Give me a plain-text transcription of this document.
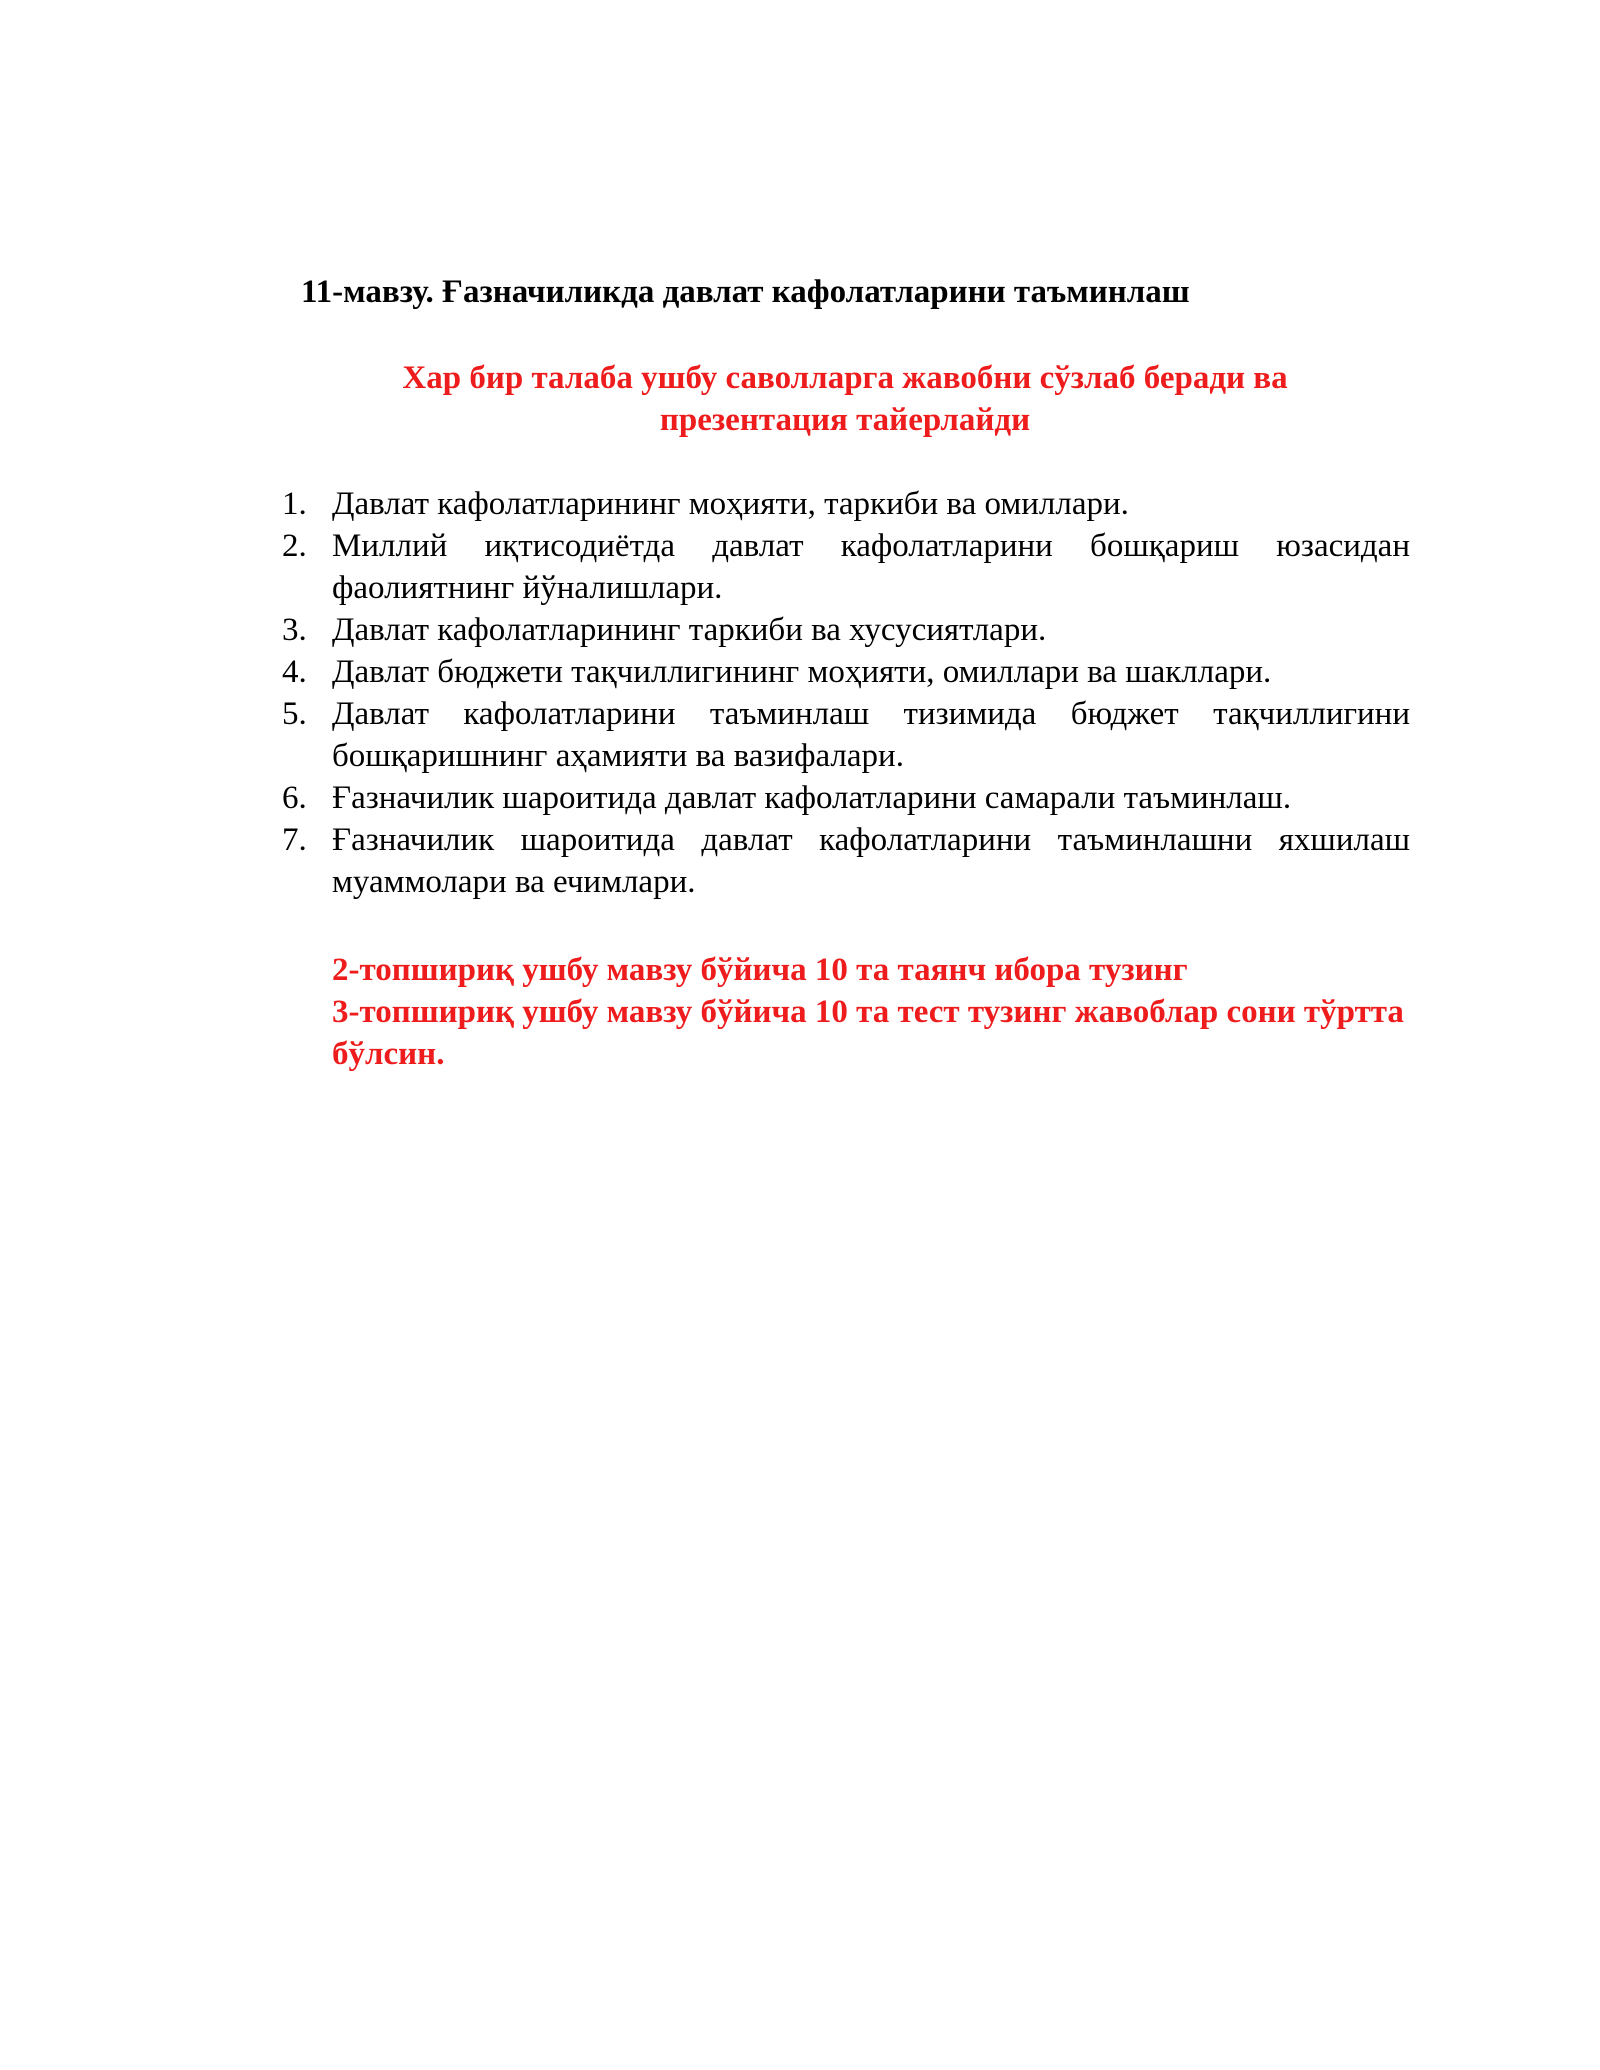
11-мавзу. Ғазначиликда давлат кафолатларини таъминлаш
Хар бир талаба ушбу саволларга жавобни сўзлаб беради ва
презентация тайерлайди
1. Давлат кафолатларининг моҳияти, таркиби ва омиллари.
2. Миллий иқтисодиётда давлат кафолатларини бошқариш юзасидан фаолиятнинг йўналишлари.
3. Давлат кафолатларининг таркиби ва хусусиятлари.
4. Давлат бюджети тақчиллигининг моҳияти, омиллари ва шакллари.
5. Давлат кафолатларини таъминлаш тизимида бюджет тақчиллигини бошқаришнинг аҳамияти ва вазифалари.
6. Ғазначилик шароитида давлат кафолатларини самарали таъминлаш.
7. Ғазначилик шароитида давлат кафолатларини таъминлашни яхшилаш муаммолари ва ечимлари.

2-топшириқ ушбу мавзу бўйича 10 та таянч ибора тузинг

3-топшириқ ушбу мавзу бўйича 10 та тест тузинг жавоблар сони тўртта бўлсин.
